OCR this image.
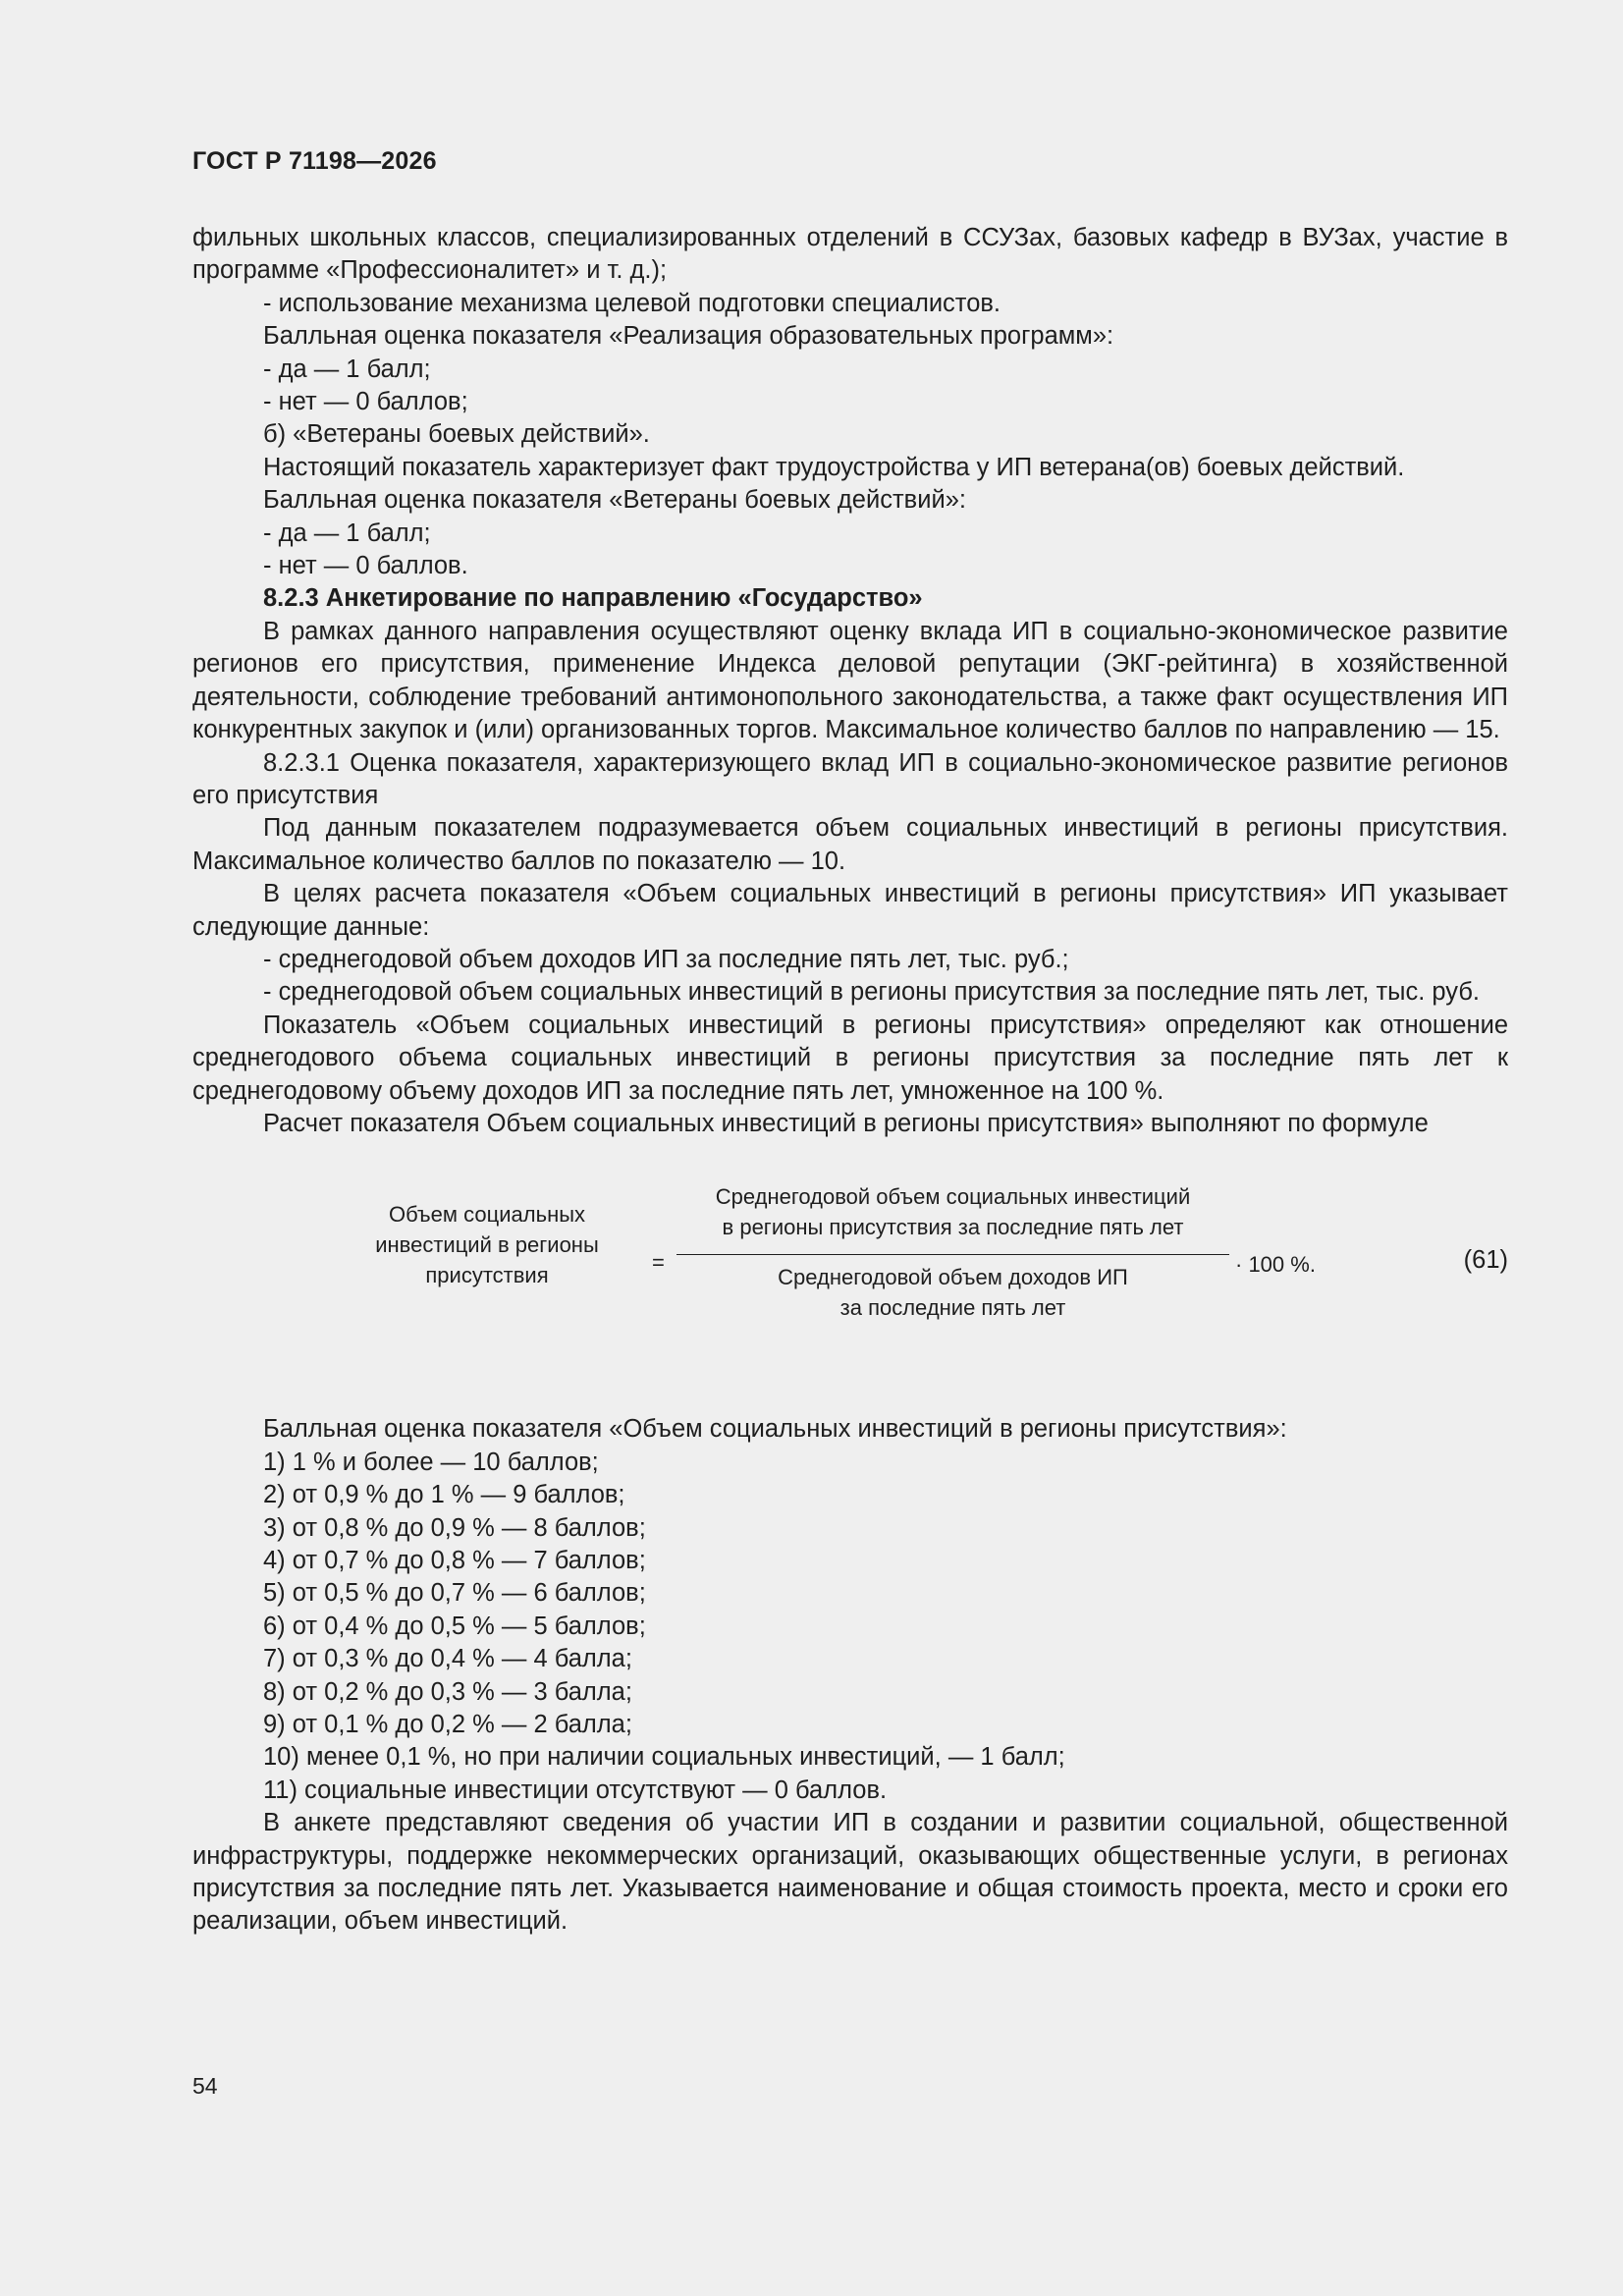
ГОСТ Р 71198—2026

фильных школьных классов, специализированных отделений в ССУЗах, базовых кафедр в ВУЗах, участие в программе «Профессионалитет» и т. д.);

- использование механизма целевой подготовки специалистов.

Балльная оценка показателя «Реализация образовательных программ»:

- да — 1 балл;

- нет — 0 баллов;

б) «Ветераны боевых действий».

Настоящий показатель характеризует факт трудоустройства у ИП ветерана(ов) боевых действий.

Балльная оценка показателя «Ветераны боевых действий»:

- да — 1 балл;

- нет — 0 баллов.

8.2.3 Анкетирование по направлению «Государство»

В рамках данного направления осуществляют оценку вклада ИП в социально-экономическое развитие регионов его присутствия, применение Индекса деловой репутации (ЭКГ-рейтинга) в хозяйственной деятельности, соблюдение требований антимонопольного законодательства, а также факт осуществления ИП конкурентных закупок и (или) организованных торгов. Максимальное количество баллов по направлению — 15.

8.2.3.1 Оценка показателя, характеризующего вклад ИП в социально-экономическое развитие регионов его присутствия

Под данным показателем подразумевается объем социальных инвестиций в регионы присутствия. Максимальное количество баллов по показателю — 10.

В целях расчета показателя «Объем социальных инвестиций в регионы присутствия» ИП указывает следующие данные:

- среднегодовой объем доходов ИП за последние пять лет, тыс. руб.;

- среднегодовой объем социальных инвестиций в регионы присутствия за последние пять лет, тыс. руб.

Показатель «Объем социальных инвестиций в регионы присутствия» определяют как отношение среднегодового объема социальных инвестиций в регионы присутствия за последние пять лет к среднегодовому объему доходов ИП за последние пять лет, умноженное на 100 %.

Расчет показателя Объем социальных инвестиций в регионы присутствия» выполняют по формуле

Объем социальных
инвестиций в регионы
присутствия
=
Среднегодовой объем социальных инвестиций
в регионы присутствия за последние пять лет
Среднегодовой объем доходов ИП
за последние пять лет
· 100 %.	(61)

Балльная оценка показателя «Объем социальных инвестиций в регионы присутствия»:

1) 1 % и более — 10 баллов;

2) от 0,9 % до 1 % — 9 баллов;

3) от 0,8 % до 0,9 % — 8 баллов;

4) от 0,7 % до 0,8 % — 7 баллов;

5) от 0,5 % до 0,7 % — 6 баллов;

6) от 0,4 % до 0,5 % — 5 баллов;

7) от 0,3 % до 0,4 % — 4 балла;

8) от 0,2 % до 0,3 % — 3 балла;

9) от 0,1 % до 0,2 % — 2 балла;

10) менее 0,1 %, но при наличии социальных инвестиций, — 1 балл;

11) социальные инвестиции отсутствуют — 0 баллов.

В анкете представляют сведения об участии ИП в создании и развитии социальной, общественной инфраструктуры, поддержке некоммерческих организаций, оказывающих общественные услуги, в регионах присутствия за последние пять лет. Указывается наименование и общая стоимость проекта, место и сроки его реализации, объем инвестиций.

54
